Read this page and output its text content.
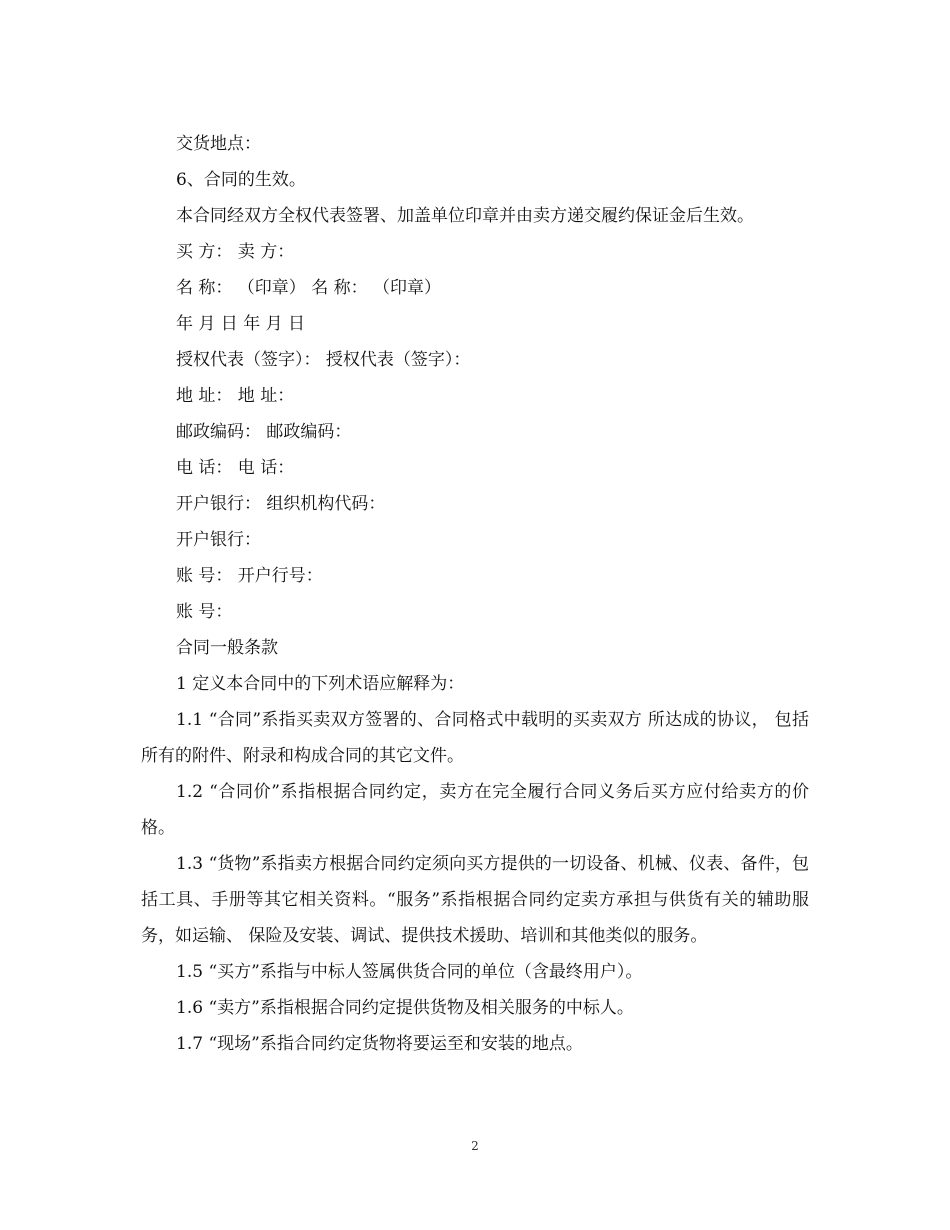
交货地点：

6、合同的生效。

本合同经双方全权代表签署、加盖单位印章并由卖方递交履约保证金后生效。

买 方： 卖 方：

名 称： （印章） 名 称： （印章）

年 月 日 年 月 日

授权代表（签字）： 授权代表（签字）：

地 址： 地 址：

邮政编码： 邮政编码：

电 话： 电 话：

开户银行： 组织机构代码：

开户银行：

账 号： 开户行号：

账 号：

合同一般条款

1 定义本合同中的下列术语应解释为：

1.1 “合同”系指买卖双方签署的、合同格式中载明的买卖双方 所达成的协议， 包括所有的附件、附录和构成合同的其它文件。

1.2 “合同价”系指根据合同约定，卖方在完全履行合同义务后买方应付给卖方的价格。

1.3 “货物”系指卖方根据合同约定须向买方提供的一切设备、机械、仪表、备件，包括工具、手册等其它相关资料。“服务”系指根据合同约定卖方承担与供货有关的辅助服 务，如运输、 保险及安装、调试、提供技术援助、培训和其他类似的服务。

1.5 “买方”系指与中标人签属供货合同的单位（含最终用户）。

1.6 “卖方”系指根据合同约定提供货物及相关服务的中标人。

1.7 “现场”系指合同约定货物将要运至和安装的地点。

2
